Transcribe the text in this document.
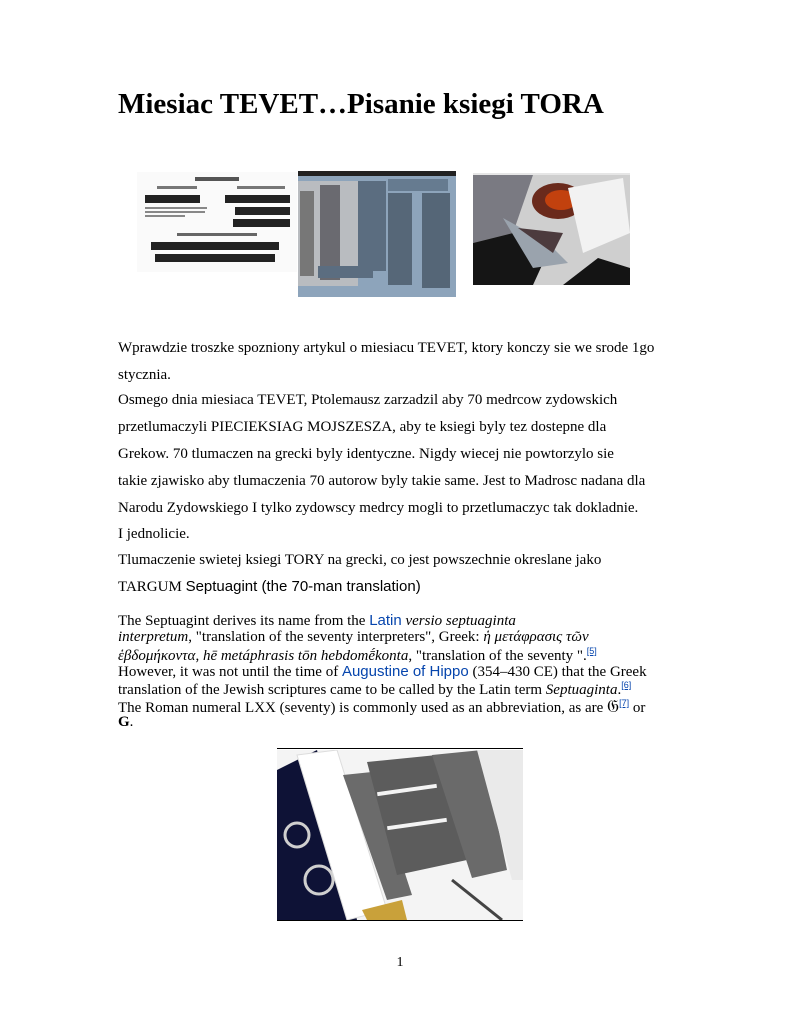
Miesiac TEVET…Pisanie ksiegi TORA
Wprawdzie troszke spozniony artykul o miesiacu TEVET, ktory konczy sie we srode 1go
stycznia.
Osmego dnia miesiaca TEVET, Ptolemausz zarzadzil aby 70 medrcow zydowskich
przetlumaczyli PIECIEKSIAG MOJSZESZA, aby te ksiegi byly tez dostepne dla
Grekow. 70 tlumaczen na grecki byly identyczne. Nigdy wiecej nie powtorzylo sie
takie zjawisko aby tlumaczenia 70 autorow byly takie same. Jest to Madrosc nadana dla
Narodu Zydowskiego I tylko zydowscy medrcy mogli to przetlumaczyc tak dokladnie.
I jednolicie.
Tlumaczenie swietej ksiegi TORY na grecki, co jest powszechnie okreslane jako
TARGUM Septuagint (the 70-man translation)
The Septuagint derives its name from the Latin versio septuaginta
interpretum, "translation of the seventy interpreters", Greek: ἡ μετάφρασις τῶν
ἑβδομήκοντα, hē metáphrasis tōn hebdomḗkonta, "translation of the seventy ".[5]
However, it was not until the time of Augustine of Hippo (354–430 CE) that the Greek
translation of the Jewish scriptures came to be called by the Latin term Septuaginta.[6]
The Roman numeral LXX (seventy) is commonly used as an abbreviation, as are 𝔊[7] or
G.
1
